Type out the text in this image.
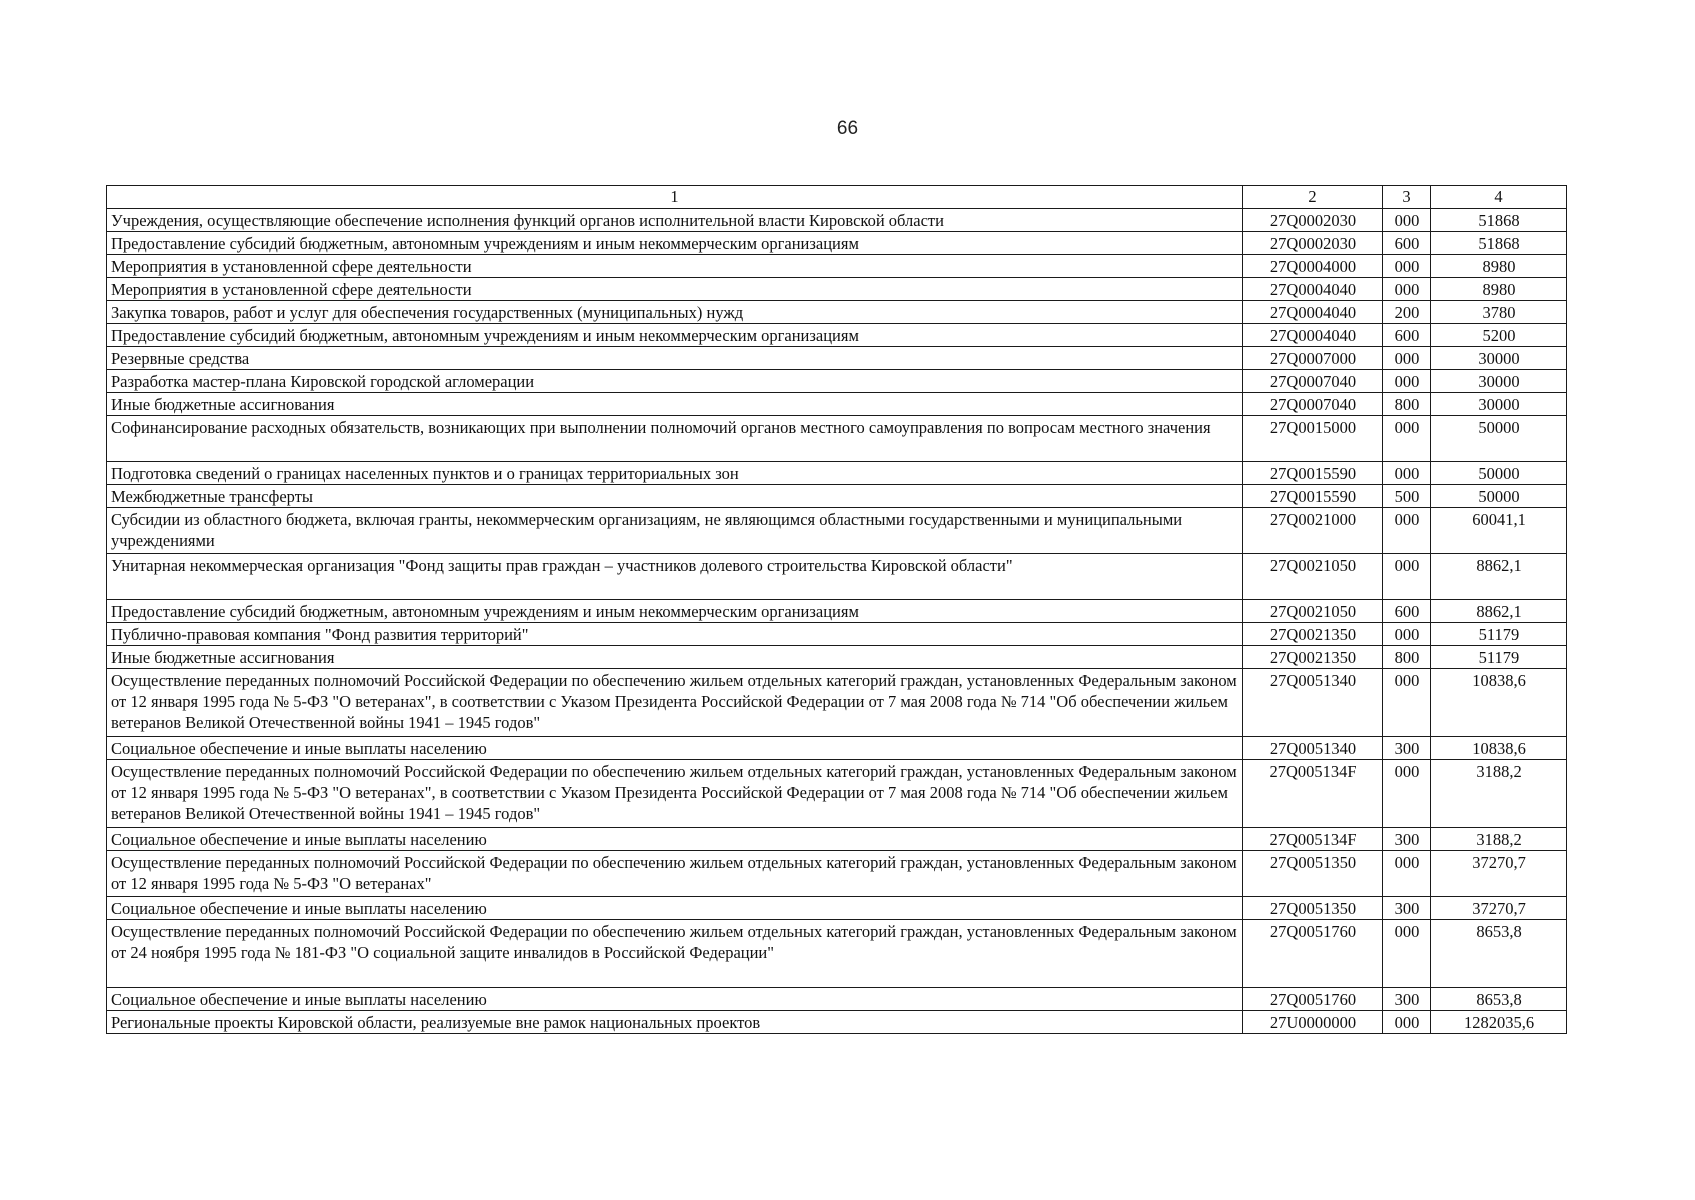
66
1	2	3	4
Учреждения, осуществляющие обеспечение исполнения функций органов исполнительной власти Кировской области	27Q0002030	000	51868
Предоставление субсидий бюджетным, автономным учреждениям и иным некоммерческим организациям	27Q0002030	600	51868
Мероприятия в установленной сфере деятельности	27Q0004000	000	8980
Мероприятия в установленной сфере деятельности	27Q0004040	000	8980
Закупка товаров, работ и услуг для обеспечения государственных (муниципальных) нужд	27Q0004040	200	3780
Предоставление субсидий бюджетным, автономным учреждениям и иным некоммерческим организациям	27Q0004040	600	5200
Резервные средства	27Q0007000	000	30000
Разработка мастер-плана Кировской городской агломерации	27Q0007040	000	30000
Иные бюджетные ассигнования	27Q0007040	800	30000
Софинансирование расходных обязательств, возникающих при выполнении полномочий органов местного самоуправления по вопросам местного значения	27Q0015000	000	50000
Подготовка сведений о границах населенных пунктов и о границах территориальных зон	27Q0015590	000	50000
Межбюджетные трансферты	27Q0015590	500	50000
Субсидии из областного бюджета, включая гранты, некоммерческим организациям, не являющимся областными государственными и муниципальными учреждениями	27Q0021000	000	60041,1
Унитарная некоммерческая организация "Фонд защиты прав граждан – участников долевого строительства Кировской области"	27Q0021050	000	8862,1
Предоставление субсидий бюджетным, автономным учреждениям и иным некоммерческим организациям	27Q0021050	600	8862,1
Публично-правовая компания "Фонд развития территорий"	27Q0021350	000	51179
Иные бюджетные ассигнования	27Q0021350	800	51179
Осуществление переданных полномочий Российской Федерации по обеспечению жильем отдельных категорий граждан, установленных Федеральным законом от 12 января 1995 года № 5-ФЗ "О ветеранах", в соответствии с Указом Президента Российской Федерации от 7 мая 2008 года № 714 "Об обеспечении жильем ветеранов Великой Отечественной войны 1941 – 1945 годов"	27Q0051340	000	10838,6
Социальное обеспечение и иные выплаты населению	27Q0051340	300	10838,6
Осуществление переданных полномочий Российской Федерации по обеспечению жильем отдельных категорий граждан, установленных Федеральным законом от 12 января 1995 года № 5-ФЗ "О ветеранах", в соответствии с Указом Президента Российской Федерации от 7 мая 2008 года № 714 "Об обеспечении жильем ветеранов Великой Отечественной войны 1941 – 1945 годов"	27Q005134F	000	3188,2
Социальное обеспечение и иные выплаты населению	27Q005134F	300	3188,2
Осуществление переданных полномочий Российской Федерации по обеспечению жильем отдельных категорий граждан, установленных Федеральным законом от 12 января 1995 года № 5-ФЗ "О ветеранах"	27Q0051350	000	37270,7
Социальное обеспечение и иные выплаты населению	27Q0051350	300	37270,7
Осуществление переданных полномочий Российской Федерации по обеспечению жильем отдельных категорий граждан, установленных Федеральным законом от 24 ноября 1995 года № 181-ФЗ "О социальной защите инвалидов в Российской Федерации"	27Q0051760	000	8653,8
Социальное обеспечение и иные выплаты населению	27Q0051760	300	8653,8
Региональные проекты Кировской области, реализуемые вне рамок национальных проектов	27U0000000	000	1282035,6
